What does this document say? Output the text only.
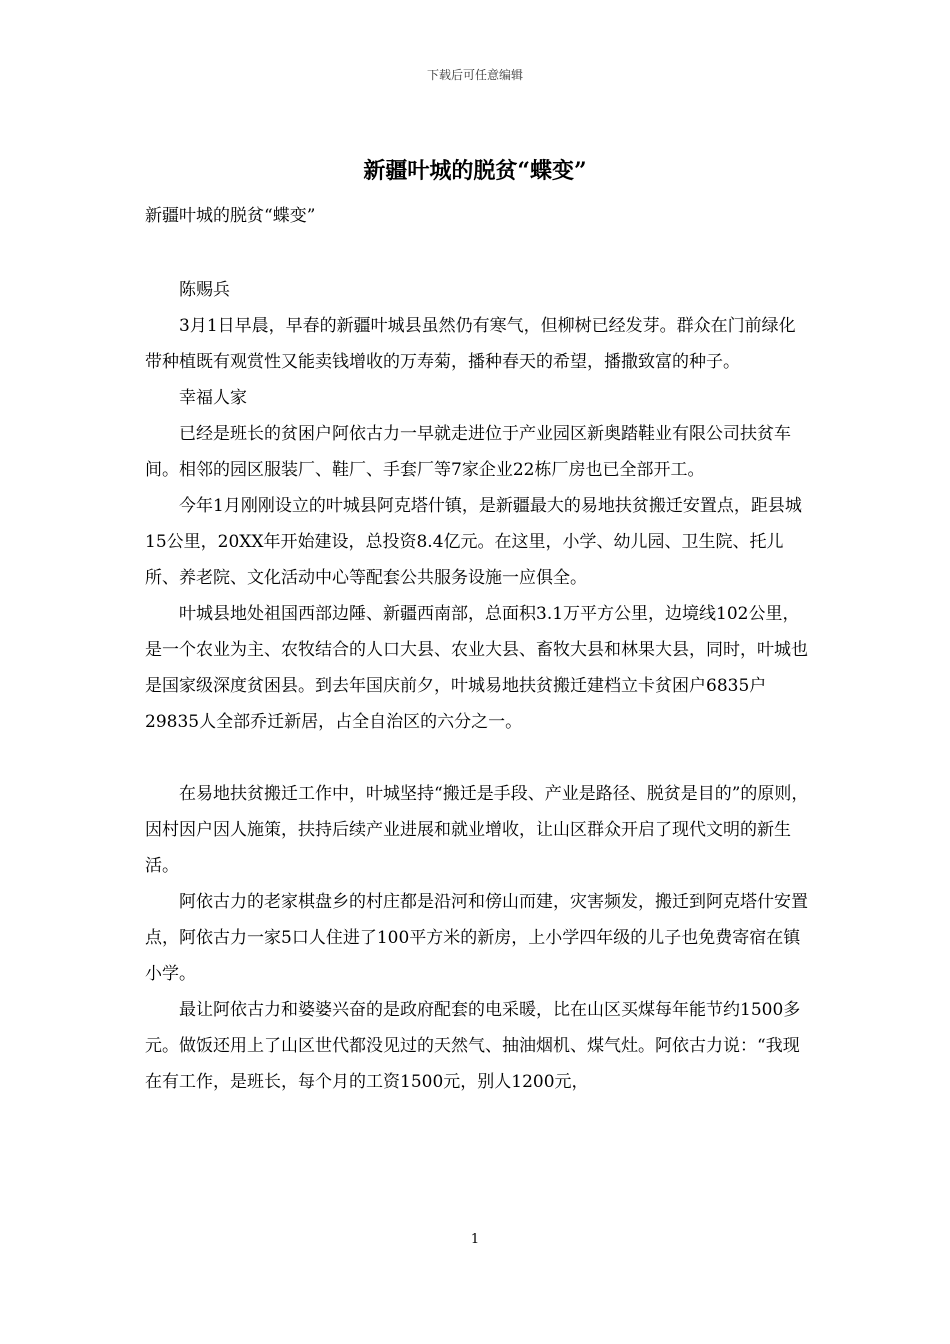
下载后可任意编辑
新疆叶城的脱贫“蝶变”
新疆叶城的脱贫“蝶变”

陈赐兵

3月1日早晨，早春的新疆叶城县虽然仍有寒气，但柳树已经发芽。群众在门前绿化带种植既有观赏性又能卖钱增收的万寿菊，播种春天的希望，播撒致富的种子。

幸福人家

已经是班长的贫困户阿依古力一早就走进位于产业园区新奥踏鞋业有限公司扶贫车间。相邻的园区服装厂、鞋厂、手套厂等7家企业22栋厂房也已全部开工。

今年1月刚刚设立的叶城县阿克塔什镇，是新疆最大的易地扶贫搬迁安置点，距县城15公里，20XX年开始建设，总投资8.4亿元。在这里，小学、幼儿园、卫生院、托儿所、养老院、文化活动中心等配套公共服务设施一应俱全。

叶城县地处祖国西部边陲、新疆西南部，总面积3.1万平方公里，边境线102公里，是一个农业为主、农牧结合的人口大县、农业大县、畜牧大县和林果大县，同时，叶城也是国家级深度贫困县。到去年国庆前夕，叶城易地扶贫搬迁建档立卡贫困户6835户29835人全部乔迁新居，占全自治区的六分之一。

在易地扶贫搬迁工作中，叶城坚持“搬迁是手段、产业是路径、脱贫是目的”的原则，因村因户因人施策，扶持后续产业进展和就业增收，让山区群众开启了现代文明的新生活。

阿依古力的老家棋盘乡的村庄都是沿河和傍山而建，灾害频发，搬迁到阿克塔什安置点，阿依古力一家5口人住进了100平方米的新房，上小学四年级的儿子也免费寄宿在镇小学。

最让阿依古力和婆婆兴奋的是政府配套的电采暖，比在山区买煤每年能节约1500多元。做饭还用上了山区世代都没见过的天然气、抽油烟机、煤气灶。阿依古力说：“我现在有工作，是班长，每个月的工资1500元，别人1200元，

1
